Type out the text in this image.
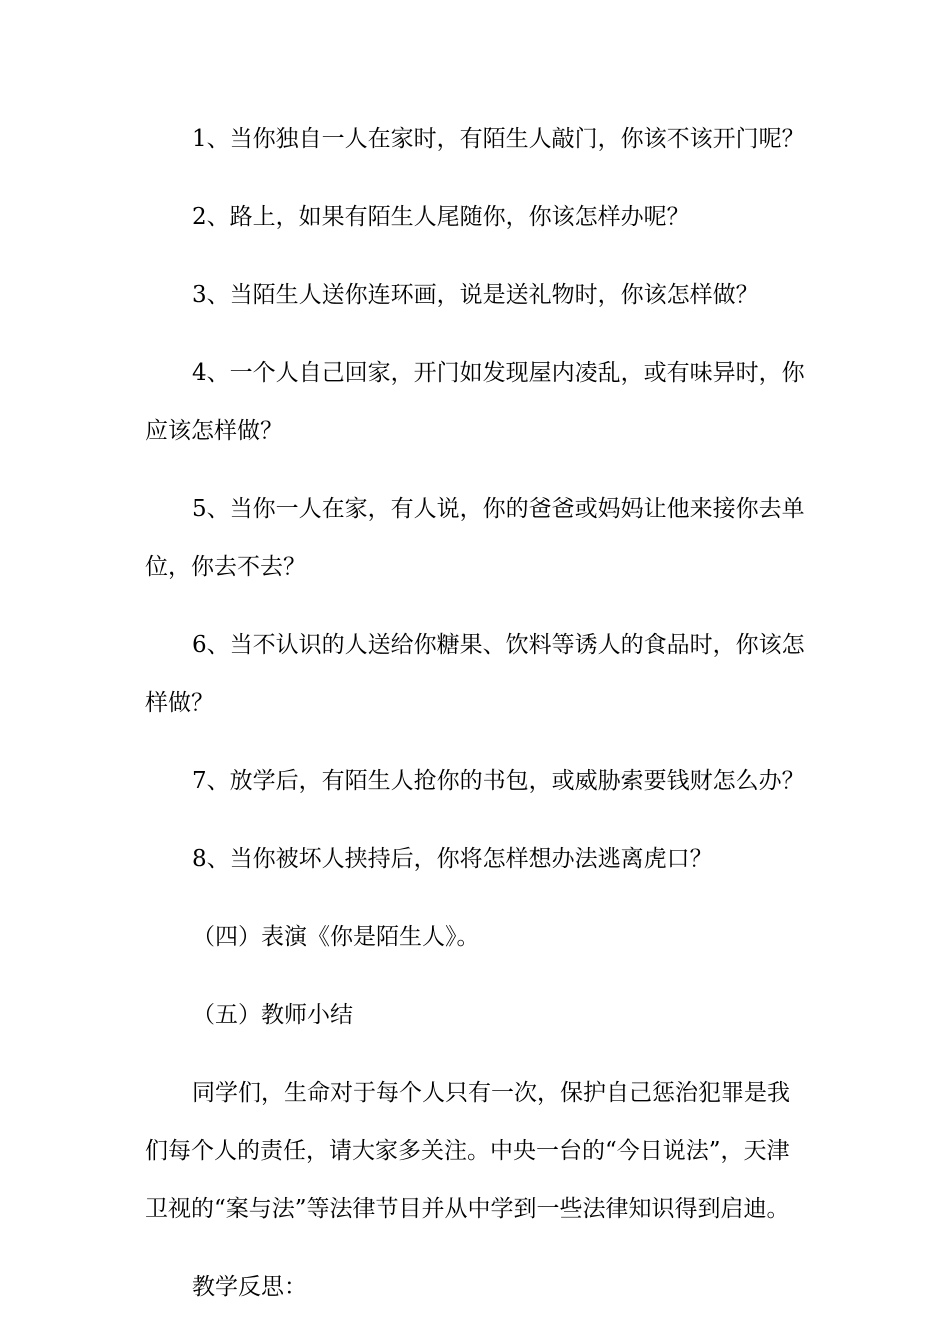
1、当你独自一人在家时，有陌生人敲门，你该不该开门呢？

2、路上，如果有陌生人尾随你，你该怎样办呢？

3、当陌生人送你连环画，说是送礼物时，你该怎样做？

4、一个人自己回家，开门如发现屋内凌乱，或有味异时，你应该怎样做？

5、当你一人在家，有人说，你的爸爸或妈妈让他来接你去单位，你去不去？

6、当不认识的人送给你糖果、饮料等诱人的食品时，你该怎样做？

7、放学后，有陌生人抢你的书包，或威胁索要钱财怎么办？

8、当你被坏人挟持后，你将怎样想办法逃离虎口？

（四）表演《你是陌生人》。

（五）教师小结

同学们，生命对于每个人只有一次，保护自己惩治犯罪是我们每个人的责任，请大家多关注。中央一台的“今日说法”，天津卫视的“案与法”等法律节目并从中学到一些法律知识得到启迪。

教学反思：
